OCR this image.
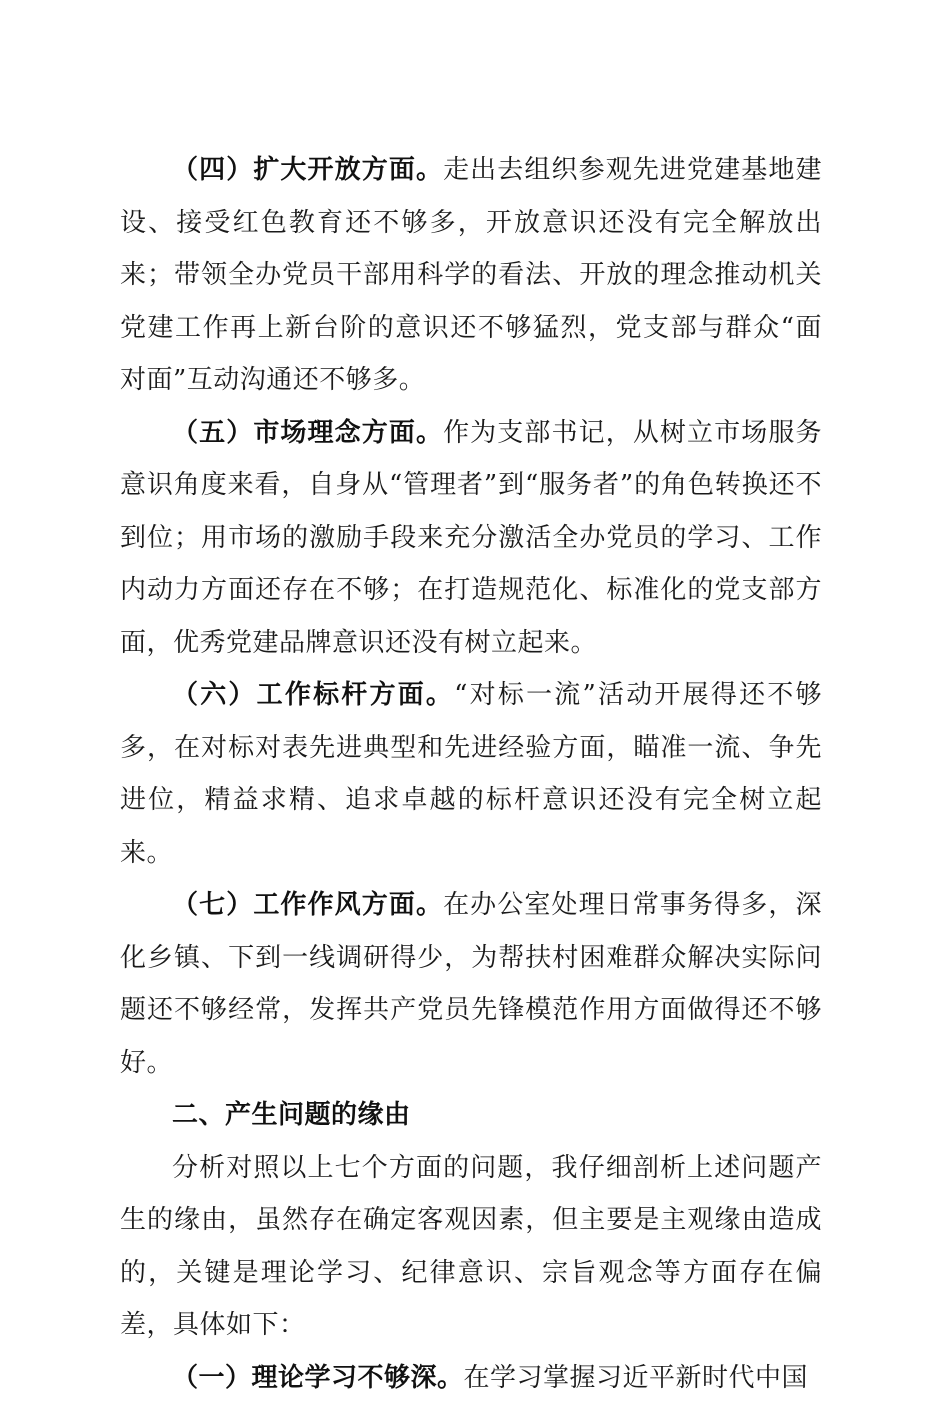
（四）扩大开放方面。走出去组织参观先进党建基地建设、接受红色教育还不够多，开放意识还没有完全解放出来；带领全办党员干部用科学的看法、开放的理念推动机关党建工作再上新台阶的意识还不够猛烈，党支部与群众“面对面”互动沟通还不够多。

（五）市场理念方面。作为支部书记，从树立市场服务意识角度来看，自身从“管理者”到“服务者”的角色转换还不到位；用市场的激励手段来充分激活全办党员的学习、工作内动力方面还存在不够；在打造规范化、标准化的党支部方面，优秀党建品牌意识还没有树立起来。

（六）工作标杆方面。“对标一流”活动开展得还不够多，在对标对表先进典型和先进经验方面，瞄准一流、争先进位，精益求精、追求卓越的标杆意识还没有完全树立起来。

（七）工作作风方面。在办公室处理日常事务得多，深化乡镇、下到一线调研得少，为帮扶村困难群众解决实际问题还不够经常，发挥共产党员先锋模范作用方面做得还不够好。

二、产生问题的缘由

分析对照以上七个方面的问题，我仔细剖析上述问题产生的缘由，虽然存在确定客观因素，但主要是主观缘由造成的，关键是理论学习、纪律意识、宗旨观念等方面存在偏差，具体如下：

（一）理论学习不够深。在学习掌握习近平新时代中国
